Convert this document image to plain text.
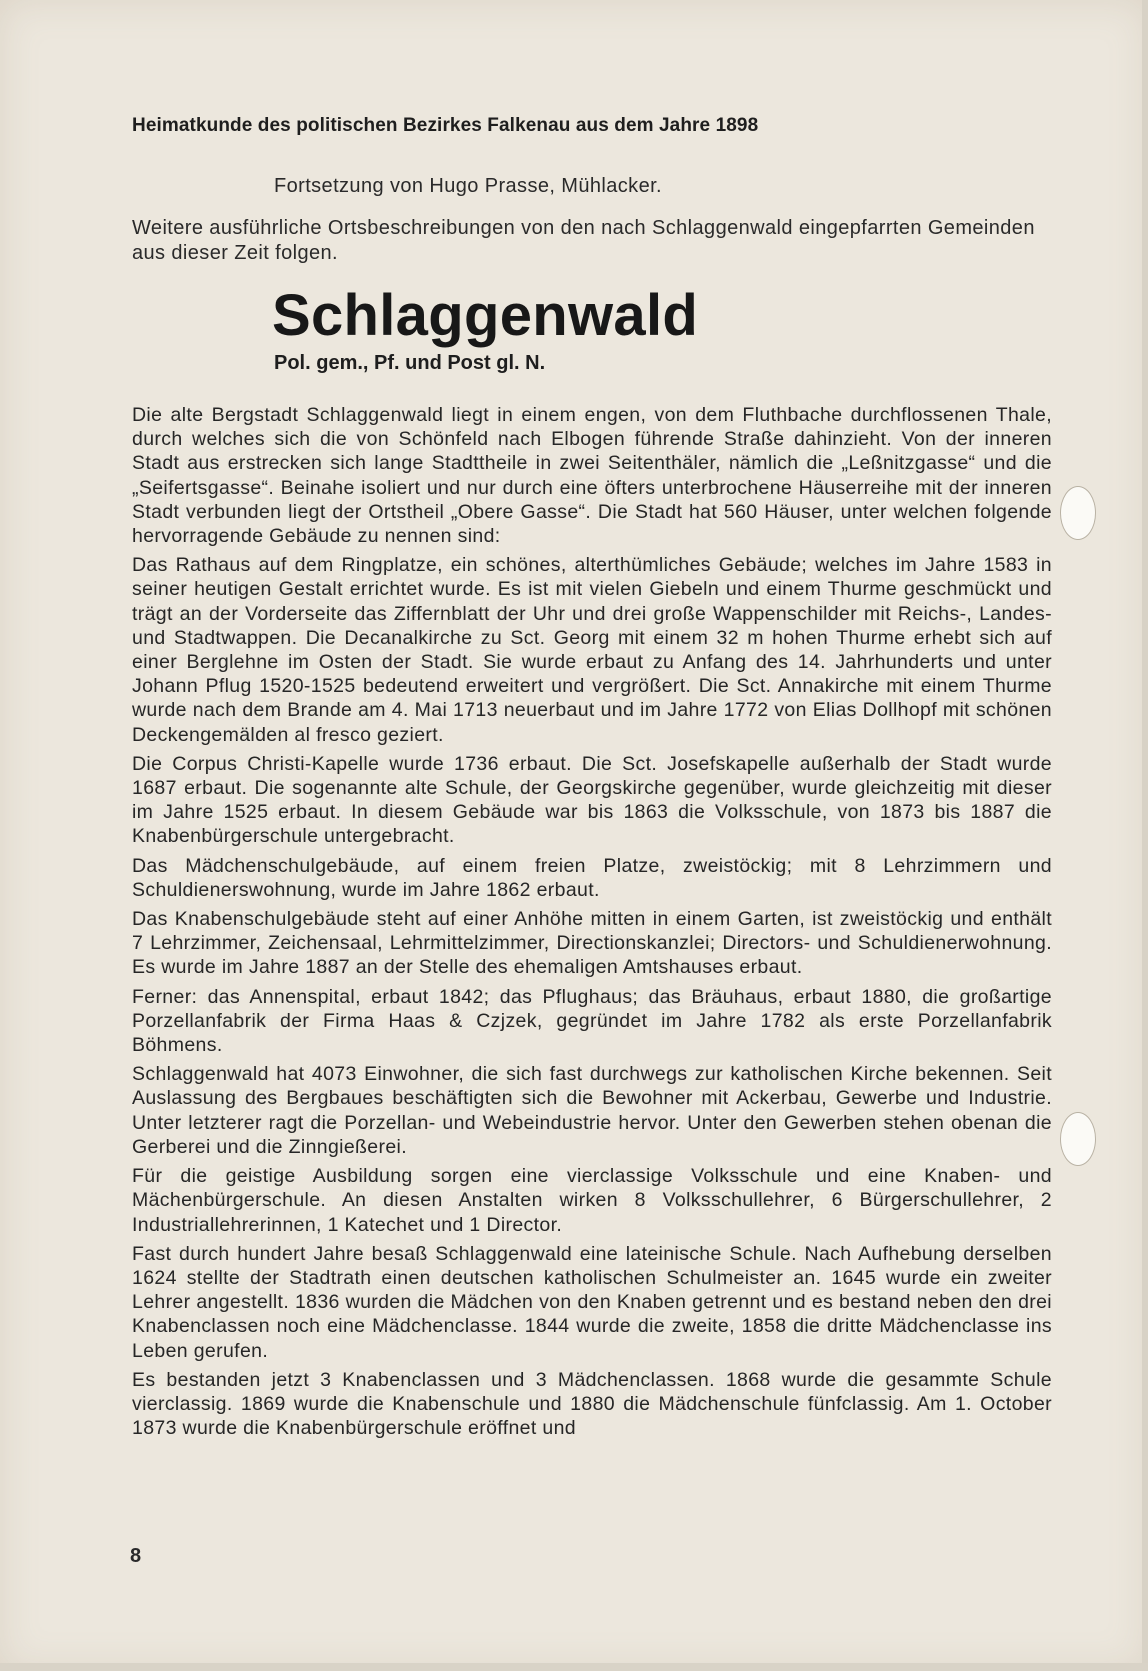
Heimatkunde des politischen Bezirkes Falkenau aus dem Jahre 1898
Fortsetzung von Hugo Prasse, Mühlacker.
Weitere ausführliche Ortsbeschreibungen von den nach Schlaggenwald eingepfarrten Gemeinden aus dieser Zeit folgen.
Schlaggenwald
Pol. gem., Pf. und Post gl. N.

Die alte Bergstadt Schlaggenwald liegt in einem engen, von dem Fluthbache durchflossenen Thale, durch welches sich die von Schönfeld nach Elbogen führende Straße dahinzieht. Von der inneren Stadt aus erstrecken sich lange Stadttheile in zwei Seitenthäler, nämlich die „Leßnitzgasse“ und die „Seifertsgasse“. Beinahe isoliert und nur durch eine öfters unterbrochene Häuserreihe mit der inneren Stadt verbunden liegt der Ortstheil „Obere Gasse“. Die Stadt hat 560 Häuser, unter welchen folgende hervorragende Gebäude zu nennen sind:

Das Rathaus auf dem Ringplatze, ein schönes, alterthümliches Gebäude; welches im Jahre 1583 in seiner heutigen Gestalt errichtet wurde. Es ist mit vielen Giebeln und einem Thurme geschmückt und trägt an der Vorderseite das Ziffernblatt der Uhr und drei große Wappenschilder mit Reichs-, Landes- und Stadtwappen. Die Decanalkirche zu Sct. Georg mit einem 32 m hohen Thurme erhebt sich auf einer Berglehne im Osten der Stadt. Sie wurde erbaut zu Anfang des 14. Jahrhunderts und unter Johann Pflug 1520-1525 bedeutend erweitert und vergrößert. Die Sct. Annakirche mit einem Thurme wurde nach dem Brande am 4. Mai 1713 neuerbaut und im Jahre 1772 von Elias Dollhopf mit schönen Deckengemälden al fresco geziert.

Die Corpus Christi-Kapelle wurde 1736 erbaut. Die Sct. Josefskapelle außerhalb der Stadt wurde 1687 erbaut. Die sogenannte alte Schule, der Georgskirche gegenüber, wurde gleichzeitig mit dieser im Jahre 1525 erbaut. In diesem Gebäude war bis 1863 die Volksschule, von 1873 bis 1887 die Knabenbürgerschule untergebracht.

Das Mädchenschulgebäude, auf einem freien Platze, zweistöckig; mit 8 Lehrzimmern und Schuldienerswohnung, wurde im Jahre 1862 erbaut.

Das Knabenschulgebäude steht auf einer Anhöhe mitten in einem Garten, ist zweistöckig und enthält 7 Lehrzimmer, Zeichensaal, Lehrmittelzimmer, Directionskanzlei; Directors- und Schuldienerwohnung. Es wurde im Jahre 1887 an der Stelle des ehemaligen Amtshauses erbaut.

Ferner: das Annenspital, erbaut 1842; das Pflughaus; das Bräuhaus, erbaut 1880, die großartige Porzellanfabrik der Firma Haas & Czjzek, gegründet im Jahre 1782 als erste Porzellanfabrik Böhmens.

Schlaggenwald hat 4073 Einwohner, die sich fast durchwegs zur katholischen Kirche bekennen. Seit Auslassung des Bergbaues beschäftigten sich die Bewohner mit Ackerbau, Gewerbe und Industrie. Unter letzterer ragt die Porzellan- und Webeindustrie hervor. Unter den Gewerben stehen obenan die Gerberei und die Zinngießerei.

Für die geistige Ausbildung sorgen eine vierclassige Volksschule und eine Knaben- und Mächenbürgerschule. An diesen Anstalten wirken 8 Volksschullehrer, 6 Bürgerschullehrer, 2 Industriallehrerinnen, 1 Katechet und 1 Director.

Fast durch hundert Jahre besaß Schlaggenwald eine lateinische Schule. Nach Aufhebung derselben 1624 stellte der Stadtrath einen deutschen katholischen Schulmeister an. 1645 wurde ein zweiter Lehrer angestellt. 1836 wurden die Mädchen von den Knaben getrennt und es bestand neben den drei Knabenclassen noch eine Mädchenclasse. 1844 wurde die zweite, 1858 die dritte Mädchenclasse ins Leben gerufen.

Es bestanden jetzt 3 Knabenclassen und 3 Mädchenclassen. 1868 wurde die gesammte Schule vierclassig. 1869 wurde die Knabenschule und 1880 die Mädchenschule fünfclassig. Am 1. October 1873 wurde die Knabenbürgerschule eröffnet und

8
